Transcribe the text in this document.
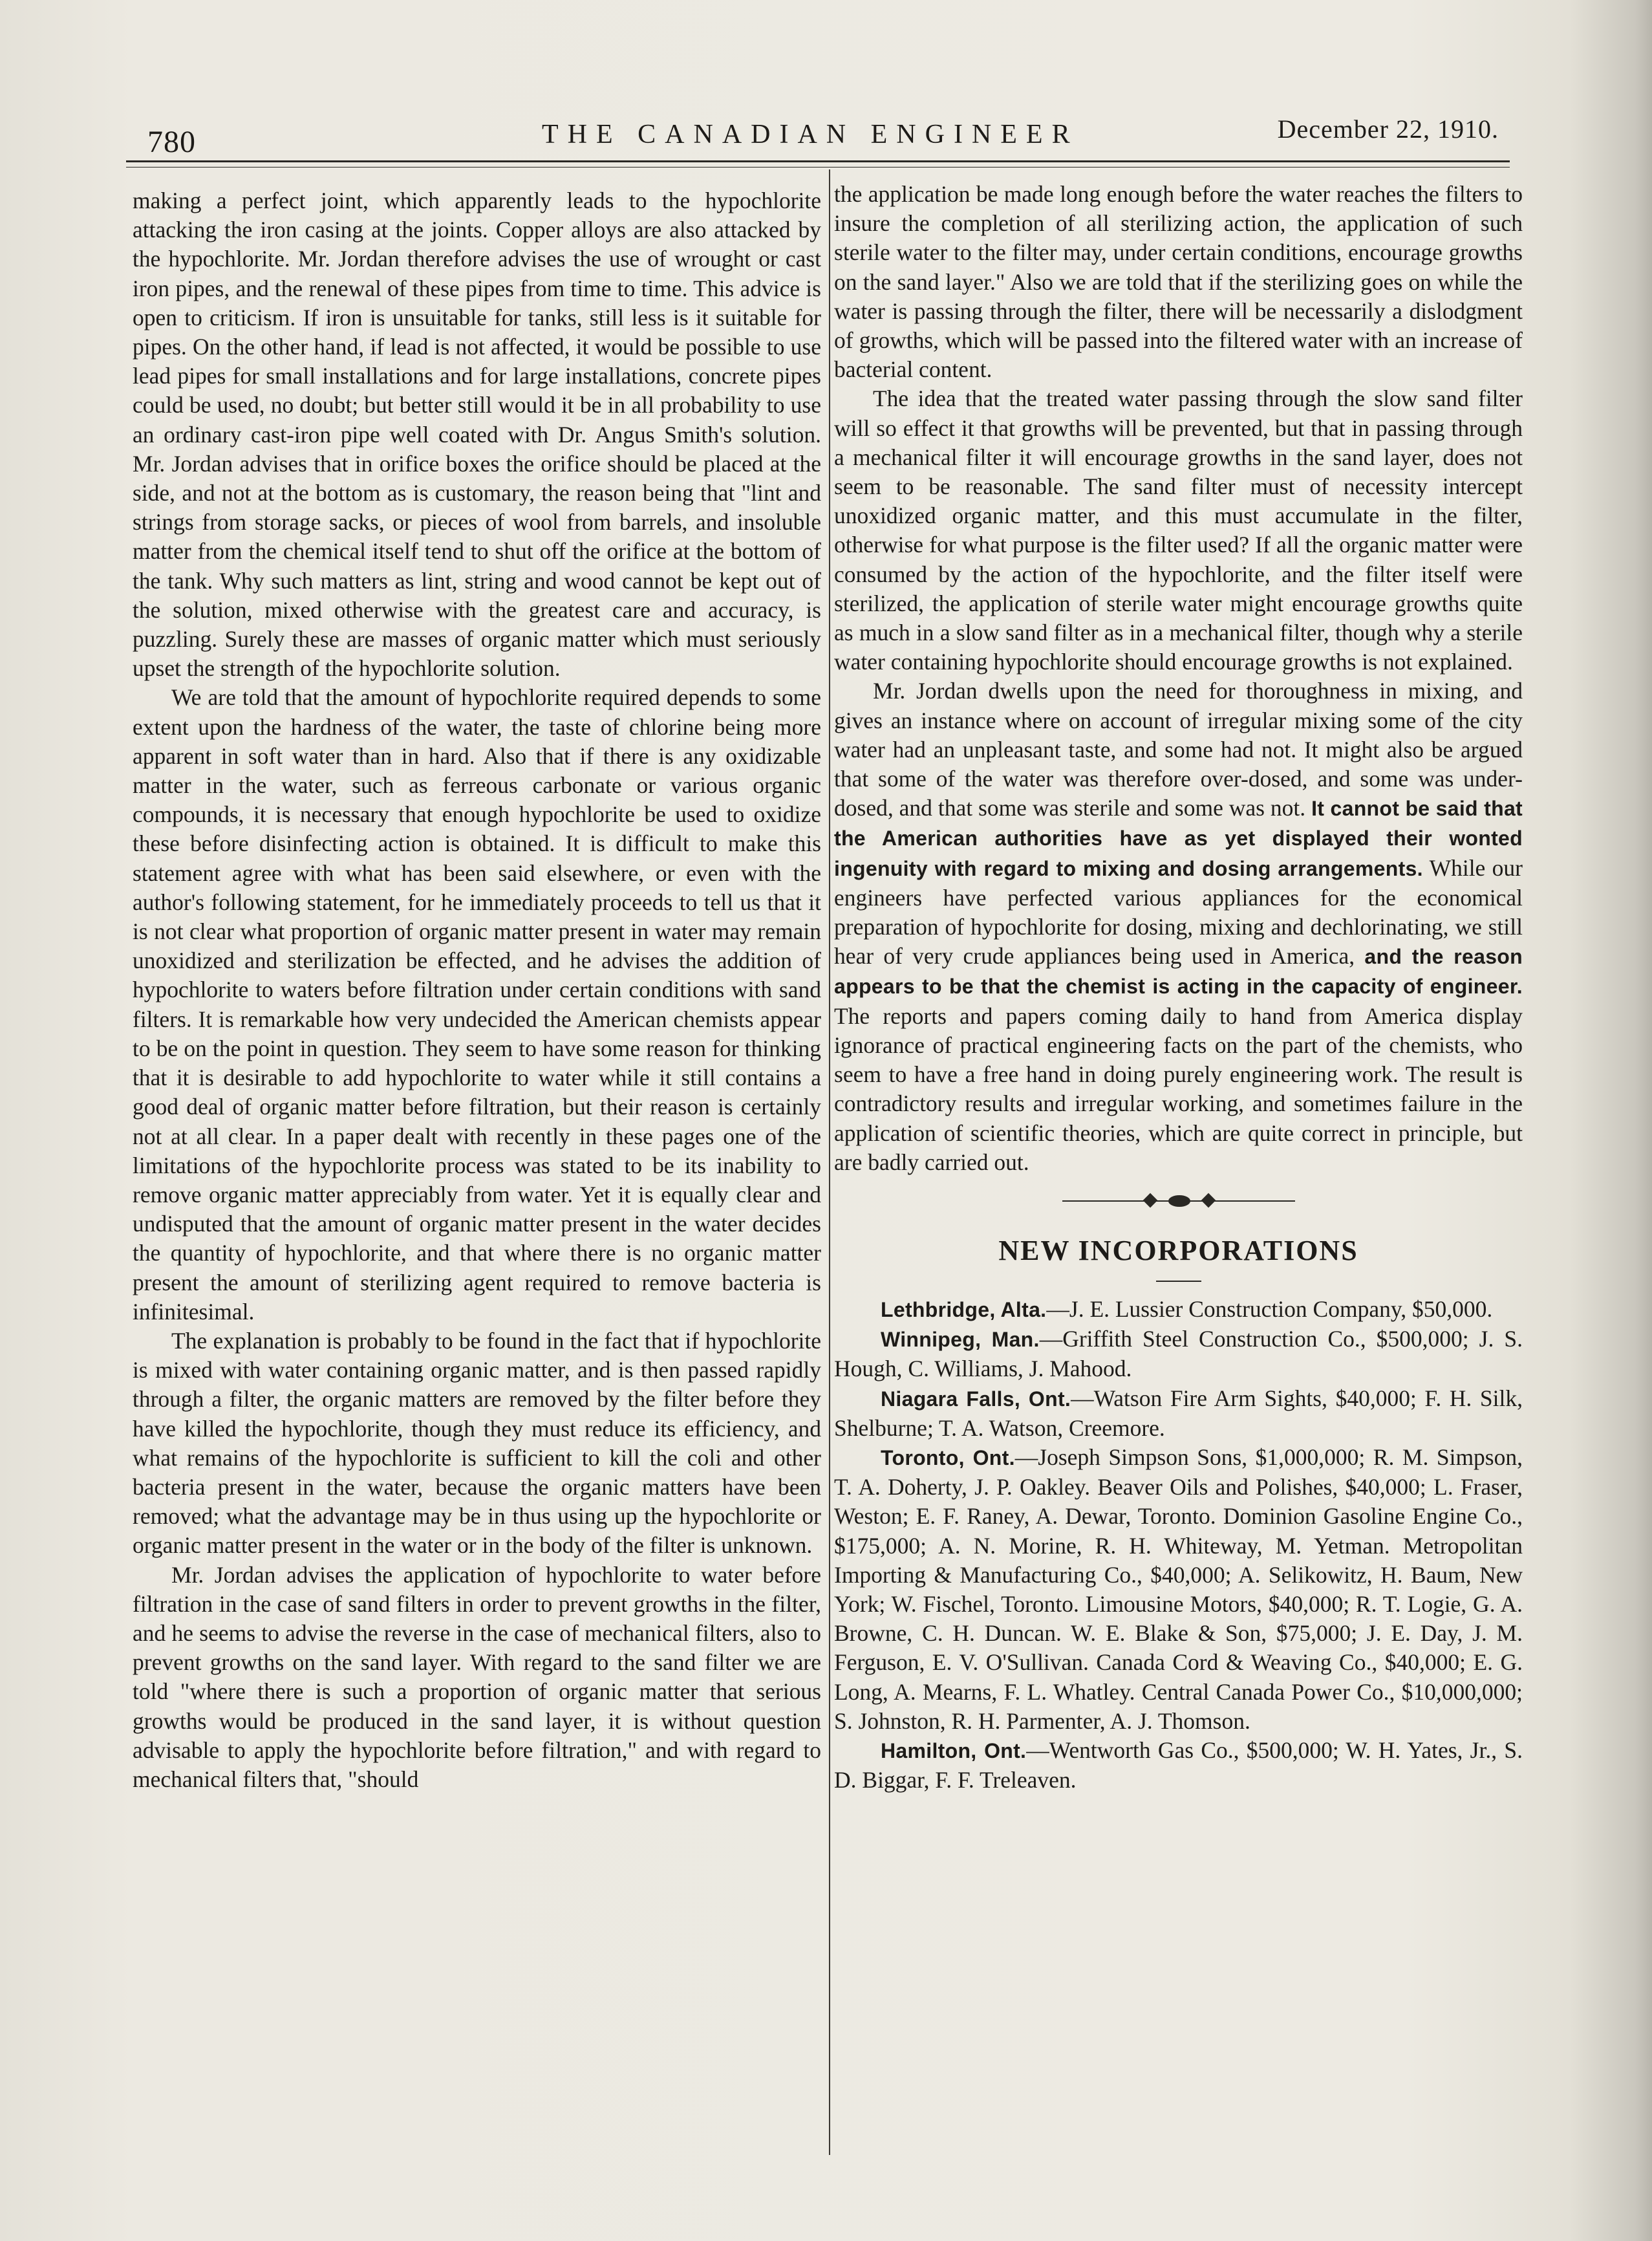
780	THE CANADIAN ENGINEER	December 22, 1910.

making a perfect joint, which apparently leads to the hypochlorite attacking the iron casing at the joints. Copper alloys are also attacked by the hypochlorite. Mr. Jordan therefore advises the use of wrought or cast iron pipes, and the renewal of these pipes from time to time. This advice is open to criticism. If iron is unsuitable for tanks, still less is it suitable for pipes. On the other hand, if lead is not affected, it would be possible to use lead pipes for small installations and for large installations, concrete pipes could be used, no doubt; but better still would it be in all probability to use an ordinary cast-iron pipe well coated with Dr. Angus Smith's solution. Mr. Jordan advises that in orifice boxes the orifice should be placed at the side, and not at the bottom as is customary, the reason being that "lint and strings from storage sacks, or pieces of wool from barrels, and insoluble matter from the chemical itself tend to shut off the orifice at the bottom of the tank. Why such matters as lint, string and wood cannot be kept out of the solution, mixed otherwise with the greatest care and accuracy, is puzzling. Surely these are masses of organic matter which must seriously upset the strength of the hypochlorite solution.

We are told that the amount of hypochlorite required depends to some extent upon the hardness of the water, the taste of chlorine being more apparent in soft water than in hard. Also that if there is any oxidizable matter in the water, such as ferreous carbonate or various organic compounds, it is necessary that enough hypochlorite be used to oxidize these before disinfecting action is obtained. It is difficult to make this statement agree with what has been said elsewhere, or even with the author's following statement, for he immediately proceeds to tell us that it is not clear what proportion of organic matter present in water may remain unoxidized and sterilization be effected, and he advises the addition of hypochlorite to waters before filtration under certain conditions with sand filters. It is remarkable how very undecided the American chemists appear to be on the point in question. They seem to have some reason for thinking that it is desirable to add hypochlorite to water while it still contains a good deal of organic matter before filtration, but their reason is certainly not at all clear. In a paper dealt with recently in these pages one of the limitations of the hypochlorite process was stated to be its inability to remove organic matter appreciably from water. Yet it is equally clear and undisputed that the amount of organic matter present in the water decides the quantity of hypochlorite, and that where there is no organic matter present the amount of sterilizing agent required to remove bacteria is infinitesimal.

The explanation is probably to be found in the fact that if hypochlorite is mixed with water containing organic matter, and is then passed rapidly through a filter, the organic matters are removed by the filter before they have killed the hypochlorite, though they must reduce its efficiency, and what remains of the hypochlorite is sufficient to kill the coli and other bacteria present in the water, because the organic matters have been removed; what the advantage may be in thus using up the hypochlorite or organic matter present in the water or in the body of the filter is unknown.

Mr. Jordan advises the application of hypochlorite to water before filtration in the case of sand filters in order to prevent growths in the filter, and he seems to advise the reverse in the case of mechanical filters, also to prevent growths on the sand layer. With regard to the sand filter we are told "where there is such a proportion of organic matter that serious growths would be produced in the sand layer, it is without question advisable to apply the hypochlorite before filtration," and with regard to mechanical filters that, "should

the application be made long enough before the water reaches the filters to insure the completion of all sterilizing action, the application of such sterile water to the filter may, under certain conditions, encourage growths on the sand layer." Also we are told that if the sterilizing goes on while the water is passing through the filter, there will be necessarily a dislodgment of growths, which will be passed into the filtered water with an increase of bacterial content.

The idea that the treated water passing through the slow sand filter will so effect it that growths will be prevented, but that in passing through a mechanical filter it will encourage growths in the sand layer, does not seem to be reasonable. The sand filter must of necessity intercept unoxidized organic matter, and this must accumulate in the filter, otherwise for what purpose is the filter used? If all the organic matter were consumed by the action of the hypochlorite, and the filter itself were sterilized, the application of sterile water might encourage growths quite as much in a slow sand filter as in a mechanical filter, though why a sterile water containing hypochlorite should encourage growths is not explained.

Mr. Jordan dwells upon the need for thoroughness in mixing, and gives an instance where on account of irregular mixing some of the city water had an unpleasant taste, and some had not. It might also be argued that some of the water was therefore over-dosed, and some was under-dosed, and that some was sterile and some was not. It cannot be said that the American authorities have as yet displayed their wonted ingenuity with regard to mixing and dosing arrangements. While our engineers have perfected various appliances for the economical preparation of hypochlorite for dosing, mixing and dechlorinating, we still hear of very crude appliances being used in America, and the reason appears to be that the chemist is acting in the capacity of engineer. The reports and papers coming daily to hand from America display ignorance of practical engineering facts on the part of the chemists, who seem to have a free hand in doing purely engineering work. The result is contradictory results and irregular working, and sometimes failure in the application of scientific theories, which are quite correct in principle, but are badly carried out.

NEW INCORPORATIONS

Lethbridge, Alta.—J. E. Lussier Construction Company, $50,000.

Winnipeg, Man.—Griffith Steel Construction Co., $500,000; J. S. Hough, C. Williams, J. Mahood.

Niagara Falls, Ont.—Watson Fire Arm Sights, $40,000; F. H. Silk, Shelburne; T. A. Watson, Creemore.

Toronto, Ont.—Joseph Simpson Sons, $1,000,000; R. M. Simpson, T. A. Doherty, J. P. Oakley. Beaver Oils and Polishes, $40,000; L. Fraser, Weston; E. F. Raney, A. Dewar, Toronto. Dominion Gasoline Engine Co., $175,000; A. N. Morine, R. H. Whiteway, M. Yetman. Metropolitan Importing & Manufacturing Co., $40,000; A. Selikowitz, H. Baum, New York; W. Fischel, Toronto. Limousine Motors, $40,000; R. T. Logie, G. A. Browne, C. H. Duncan. W. E. Blake & Son, $75,000; J. E. Day, J. M. Ferguson, E. V. O'Sullivan. Canada Cord & Weaving Co., $40,000; E. G. Long, A. Mearns, F. L. Whatley. Central Canada Power Co., $10,000,000; S. Johnston, R. H. Parmenter, A. J. Thomson.

Hamilton, Ont.—Wentworth Gas Co., $500,000; W. H. Yates, Jr., S. D. Biggar, F. F. Treleaven.
